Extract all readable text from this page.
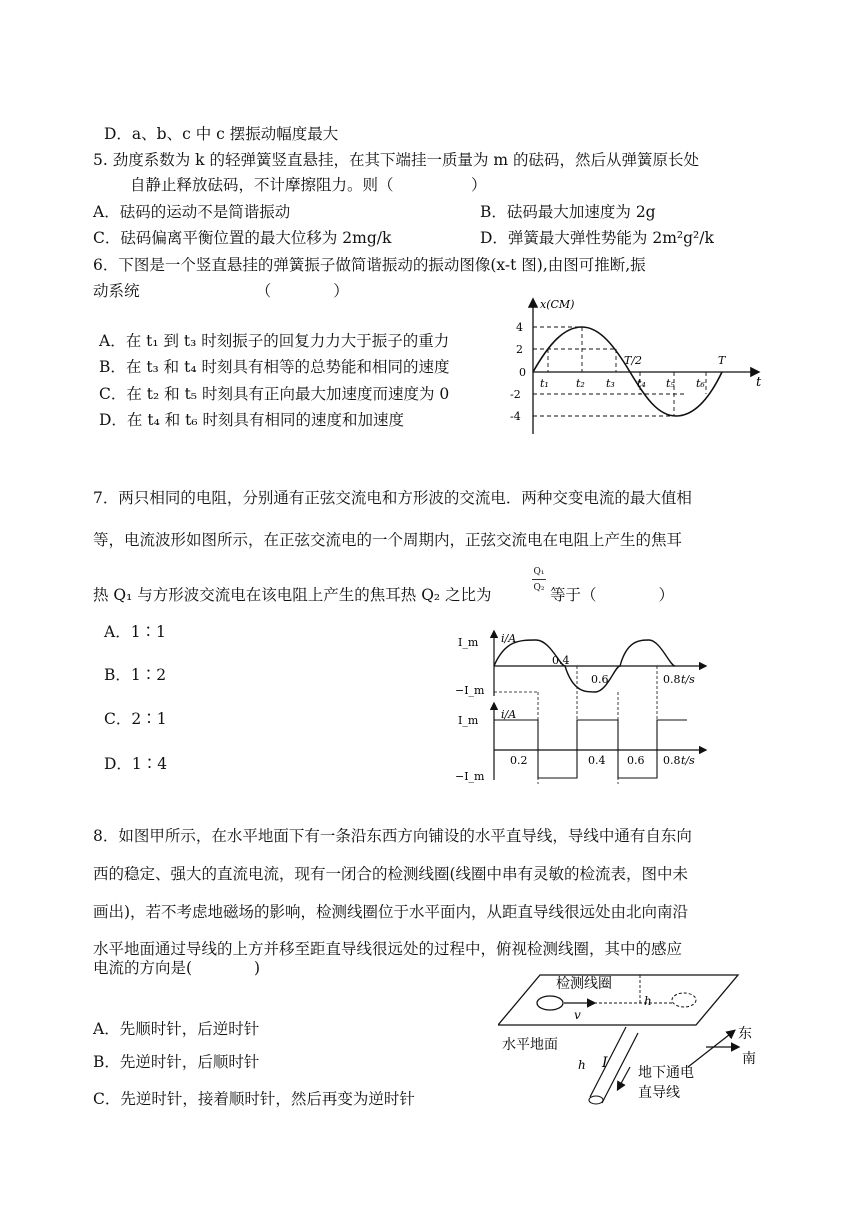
D．a、b、c 中 c 摆振动幅度最大
5. 劲度系数为 k 的轻弹簧竖直悬挂，在其下端挂一质量为 m 的砝码，然后从弹簧原长处
自静止释放砝码，不计摩擦阻力。则（　　　　　）
A．砝码的运动不是简谐振动	B．砝码最大加速度为 2g
C．砝码偏离平衡位置的最大位移为 2mg/k	D．弹簧最大弹性势能为 2m²g²/k
6．下图是一个竖直悬挂的弹簧振子做简谐振动的振动图像(x-t 图),由图可推断,振
动系统　　　　　　　　（　　　　）
A．在 t₁ 到 t₃ 时刻振子的回复力力大于振子的重力
B．在 t₃ 和 t₄ 时刻具有相等的总势能和相同的速度
C．在 t₂ 和 t₅ 时刻具有正向最大加速度而速度为 0
D．在 t₄ 和 t₆ 时刻具有相同的速度和加速度
x(CM)
4
2
0
-2
-4
t₁ t₂ t₃ t₄ t₅ t₆
T/2	T
t
7．两只相同的电阻，分别通有正弦交流电和方形波的交流电．两种交变电流的最大值相
等，电流波形如图所示，在正弦交流电的一个周期内，正弦交流电在电阻上产生的焦耳
热 Q₁ 与方形波交流电在该电阻上产生的焦耳热 Q₂ 之比为
Q₁
Q₂ 等于（　　　　）
A．1∶1
B．1∶2
C．2∶1
D．1∶4
i/A
I_m
−I_m
0.4
0.6	0.8 t/s
i/A
I_m
−I_m
0.2	0.4 0.6 0.8 t/s
8．如图甲所示，在水平地面下有一条沿东西方向铺设的水平直导线，导线中通有自东向
西的稳定、强大的直流电流，现有一闭合的检测线圈(线圈中串有灵敏的检流表，图中未
画出)，若不考虑地磁场的影响，检测线圈位于水平面内，从距直导线很远处由北向南沿
水平地面通过导线的上方并移至距直导线很远处的过程中，俯视检测线圈，其中的感应
电流的方向是(　　　　)
A．先顺时针，后逆时针
B．先逆时针，后顺时针
C．先逆时针，接着顺时针，然后再变为逆时针
检测线圈
h
v
东
水平地面
h I
地下通电
直导线
南
